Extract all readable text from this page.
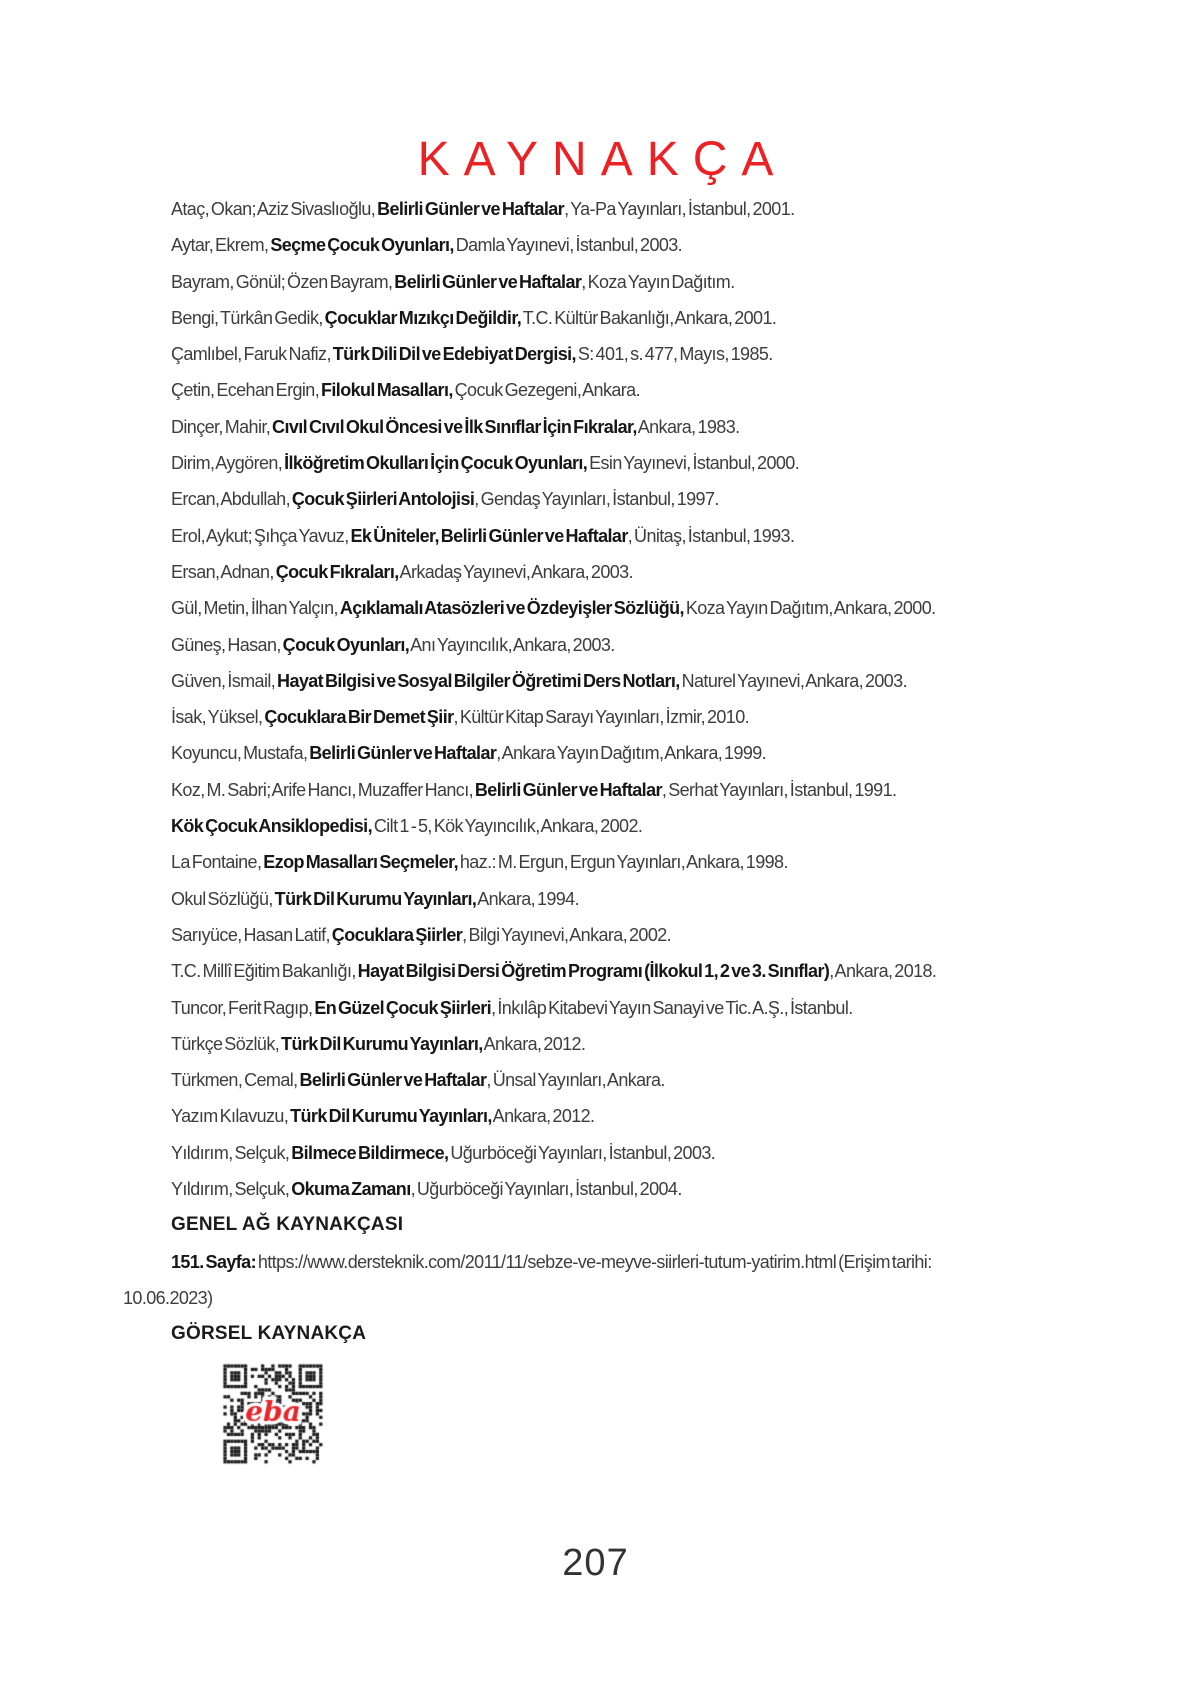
KAYNAKÇA

Ataç, Okan; Aziz Sivaslıoğlu, Belirli Günler ve Haftalar, Ya-Pa Yayınları, İstanbul, 2001.

Aytar, Ekrem, Seçme Çocuk Oyunları, Damla Yayınevi, İstanbul, 2003.

Bayram, Gönül; Özen Bayram, Belirli Günler ve Haftalar, Koza Yayın Dağıtım.

Bengi, Türkân Gedik, Çocuklar Mızıkçı Değildir, T.C. Kültür Bakanlığı, Ankara, 2001.

Çamlıbel, Faruk Nafiz, Türk Dili Dil ve Edebiyat Dergisi, S: 401, s. 477, Mayıs, 1985.

Çetin, Ecehan Ergin, Filokul Masalları, Çocuk Gezegeni, Ankara.

Dinçer, Mahir, Cıvıl Cıvıl Okul Öncesi ve İlk Sınıflar İçin Fıkralar, Ankara, 1983.

Dirim, Aygören, İlköğretim Okulları İçin Çocuk Oyunları, Esin Yayınevi, İstanbul, 2000.

Ercan, Abdullah, Çocuk Şiirleri Antolojisi, Gendaş Yayınları, İstanbul, 1997.

Erol, Aykut; Şıhça Yavuz, Ek Üniteler, Belirli Günler ve Haftalar, Ünitaş, İstanbul, 1993.

Ersan, Adnan, Çocuk Fıkraları, Arkadaş Yayınevi, Ankara, 2003.

Gül, Metin, İlhan Yalçın, Açıklamalı Atasözleri ve Özdeyişler Sözlüğü, Koza Yayın Dağıtım, Ankara, 2000.

Güneş, Hasan, Çocuk Oyunları, Anı Yayıncılık, Ankara, 2003.

Güven, İsmail, Hayat Bilgisi ve Sosyal Bilgiler Öğretimi Ders Notları, Naturel Yayınevi, Ankara, 2003.

İsak, Yüksel, Çocuklara Bir Demet Şiir, Kültür Kitap Sarayı Yayınları, İzmir, 2010.

Koyuncu, Mustafa, Belirli Günler ve Haftalar, Ankara Yayın Dağıtım, Ankara, 1999.

Koz, M. Sabri; Arife Hancı, Muzaffer Hancı, Belirli Günler ve Haftalar, Serhat Yayınları, İstanbul, 1991.

Kök Çocuk Ansiklopedisi, Cilt 1 - 5, Kök Yayıncılık, Ankara, 2002.

La Fontaine, Ezop Masalları Seçmeler, haz.: M. Ergun, Ergun Yayınları, Ankara, 1998.

Okul Sözlüğü, Türk Dil Kurumu Yayınları, Ankara, 1994.

Sarıyüce, Hasan Latif, Çocuklara Şiirler, Bilgi Yayınevi, Ankara, 2002.

T.C. Millî Eğitim Bakanlığı, Hayat Bilgisi Dersi Öğretim Programı (İlkokul 1, 2 ve 3. Sınıflar), Ankara, 2018.

Tuncor, Ferit Ragıp, En Güzel Çocuk Şiirleri, İnkılâp Kitabevi Yayın Sanayi ve Tic. A.Ş., İstanbul.

Türkçe Sözlük, Türk Dil Kurumu Yayınları, Ankara, 2012.

Türkmen, Cemal, Belirli Günler ve Haftalar, Ünsal Yayınları, Ankara.

Yazım Kılavuzu, Türk Dil Kurumu Yayınları, Ankara, 2012.

Yıldırım, Selçuk, Bilmece Bildirmece, Uğurböceği Yayınları, İstanbul, 2003.

Yıldırım, Selçuk, Okuma Zamanı, Uğurböceği Yayınları, İstanbul, 2004.

GENEL AĞ KAYNAKÇASI

151. Sayfa: https://www.dersteknik.com/2011/11/sebze-ve-meyve-siirleri-tutum-yatirim.html (Erişim tarihi:
10.06.2023)

GÖRSEL KAYNAKÇA

207
